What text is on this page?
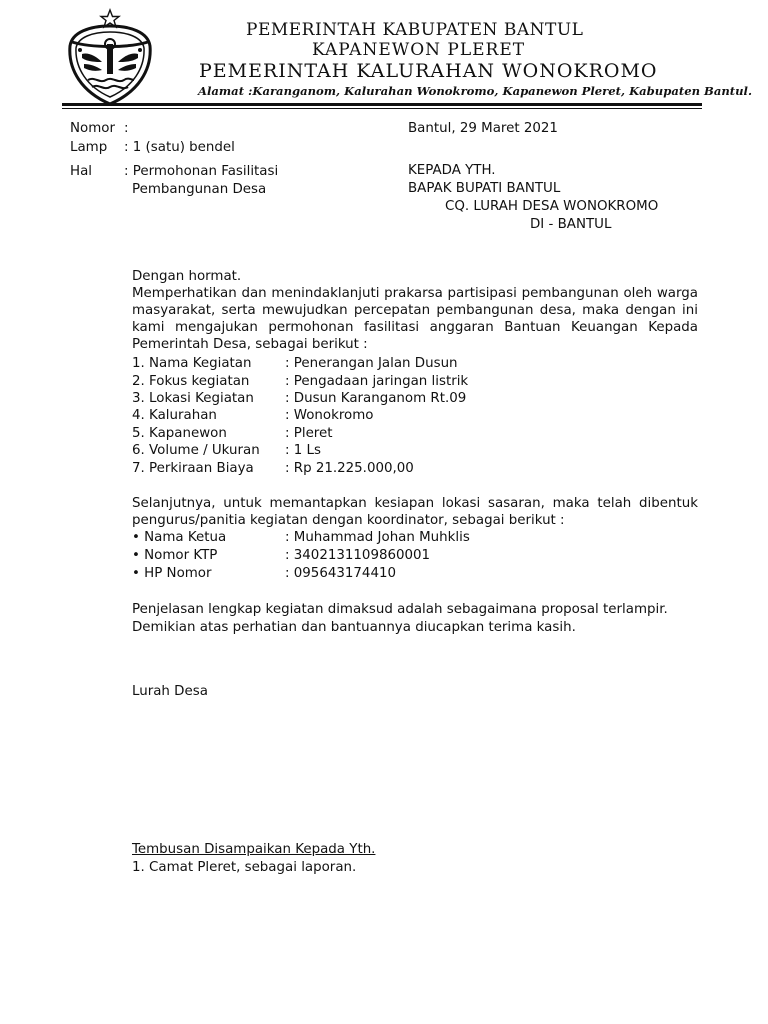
PEMERINTAH KABUPATEN BANTUL
KAPANEWON PLERET
PEMERINTAH KALURAHAN WONOKROMO
Alamat :Karanganom, Kalurahan Wonokromo, Kapanewon Pleret, Kabupaten Bantul.
Nomor :
Lamp : 1 (satu) bendel
Hal : Permohonan Fasilitasi
Pembangunan Desa
Bantul, 29 Maret 2021
KEPADA YTH.
BAPAK BUPATI BANTUL
CQ. LURAH DESA WONOKROMO
DI - BANTUL
Dengan hormat.

Memperhatikan dan menindaklanjuti prakarsa partisipasi pembangunan oleh warga

masyarakat, serta mewujudkan percepatan pembangunan desa, maka dengan ini

kami mengajukan permohonan fasilitasi anggaran Bantuan Keuangan Kepada

Pemerintah Desa, sebagai berikut :

1. Nama Kegiatan	: Penerangan Jalan Dusun
2. Fokus kegiatan	: Pengadaan jaringan listrik
3. Lokasi Kegiatan : Dusun Karanganom Rt.09
4. Kalurahan	: Wonokromo
5. Kapanewon	: Pleret
6. Volume / Ukuran : 1 Ls
7. Perkiraan Biaya : Rp 21.225.000,00

Selanjutnya, untuk memantapkan kesiapan lokasi sasaran, maka telah dibentuk

pengurus/panitia kegiatan dengan koordinator, sebagai berikut :

• Nama Ketua	: Muhammad Johan Muhklis
• Nomor KTP	: 3402131109860001
• HP Nomor	: 095643174410
Penjelasan lengkap kegiatan dimaksud adalah sebagaimana proposal terlampir.
Demikian atas perhatian dan bantuannya diucapkan terima kasih.
Lurah Desa
Tembusan Disampaikan Kepada Yth.
1. Camat Pleret, sebagai laporan.
